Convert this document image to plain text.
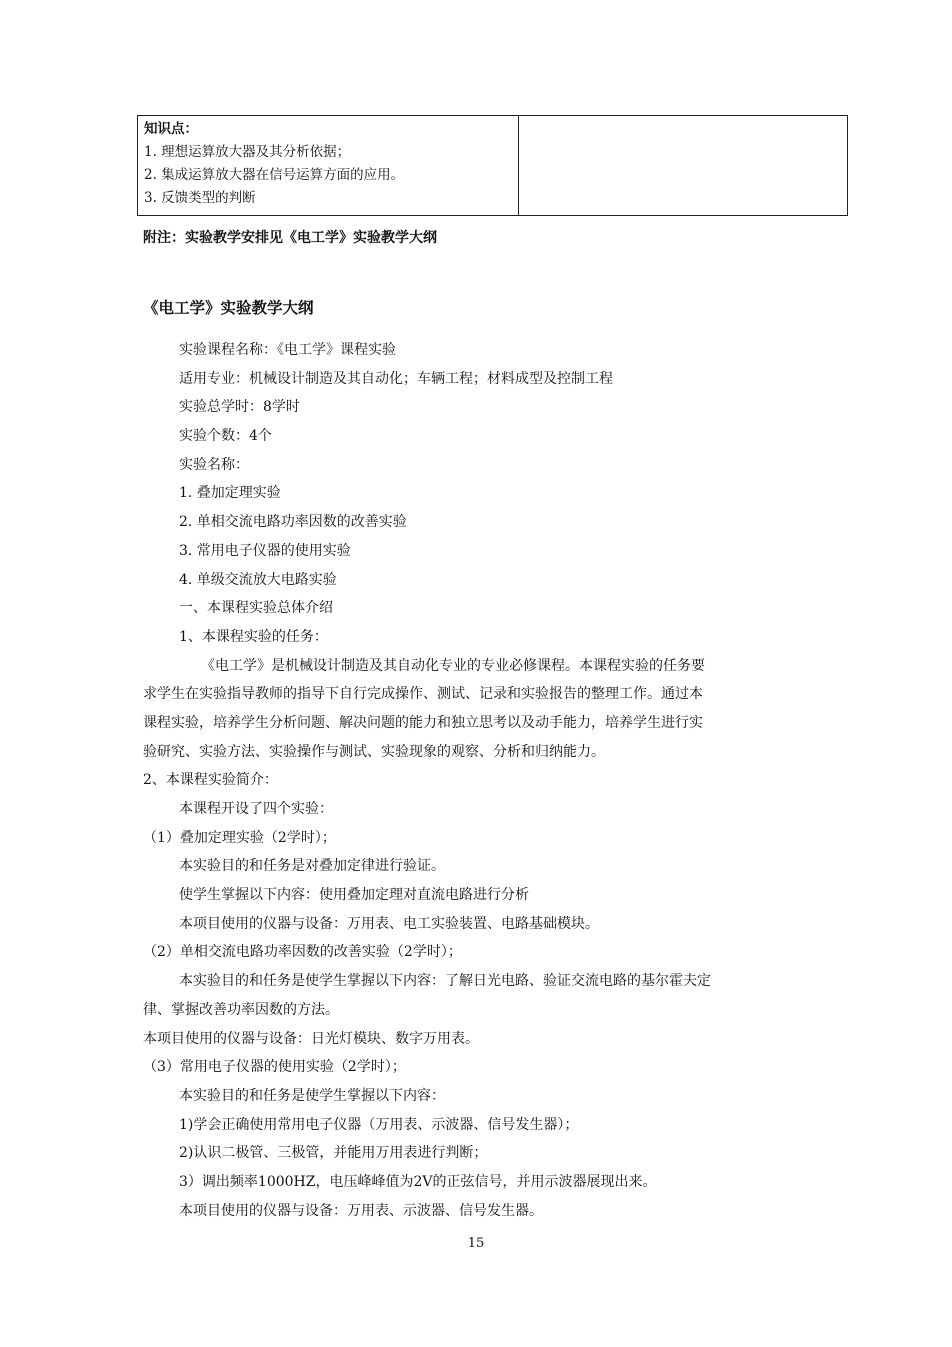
知识点：
1. 理想运算放大器及其分析依据；
2. 集成运算放大器在信号运算方面的应用。
3. 反馈类型的判断

附注：实验教学安排见《电工学》实验教学大纲
《电工学》实验教学大纲
实验课程名称：《电工学》课程实验
适用专业：机械设计制造及其自动化；车辆工程；材料成型及控制工程
实验总学时：8学时
实验个数：4个
实验名称：
1. 叠加定理实验
2. 单相交流电路功率因数的改善实验
3. 常用电子仪器的使用实验
4. 单级交流放大电路实验
一、本课程实验总体介绍
1、本课程实验的任务：
《电工学》是机械设计制造及其自动化专业的专业必修课程。本课程实验的任务要
求学生在实验指导教师的指导下自行完成操作、测试、记录和实验报告的整理工作。通过本
课程实验，培养学生分析问题、解决问题的能力和独立思考以及动手能力，培养学生进行实
验研究、实验方法、实验操作与测试、实验现象的观察、分析和归纳能力。
2、本课程实验简介：
本课程开设了四个实验：
（1）叠加定理实验（2学时）；
本实验目的和任务是对叠加定律进行验证。
使学生掌握以下内容：使用叠加定理对直流电路进行分析
本项目使用的仪器与设备：万用表、电工实验装置、电路基础模块。
（2）单相交流电路功率因数的改善实验（2学时）；
本实验目的和任务是使学生掌握以下内容：了解日光电路、验证交流电路的基尔霍夫定
律、掌握改善功率因数的方法。
本项目使用的仪器与设备：日光灯模块、数字万用表。
（3）常用电子仪器的使用实验（2学时）；
本实验目的和任务是使学生掌握以下内容：
1)学会正确使用常用电子仪器（万用表、示波器、信号发生器）；
2)认识二极管、三极管，并能用万用表进行判断；
3）调出频率1000HZ，电压峰峰值为2V的正弦信号，并用示波器展现出来。
本项目使用的仪器与设备：万用表、示波器、信号发生器。
15
